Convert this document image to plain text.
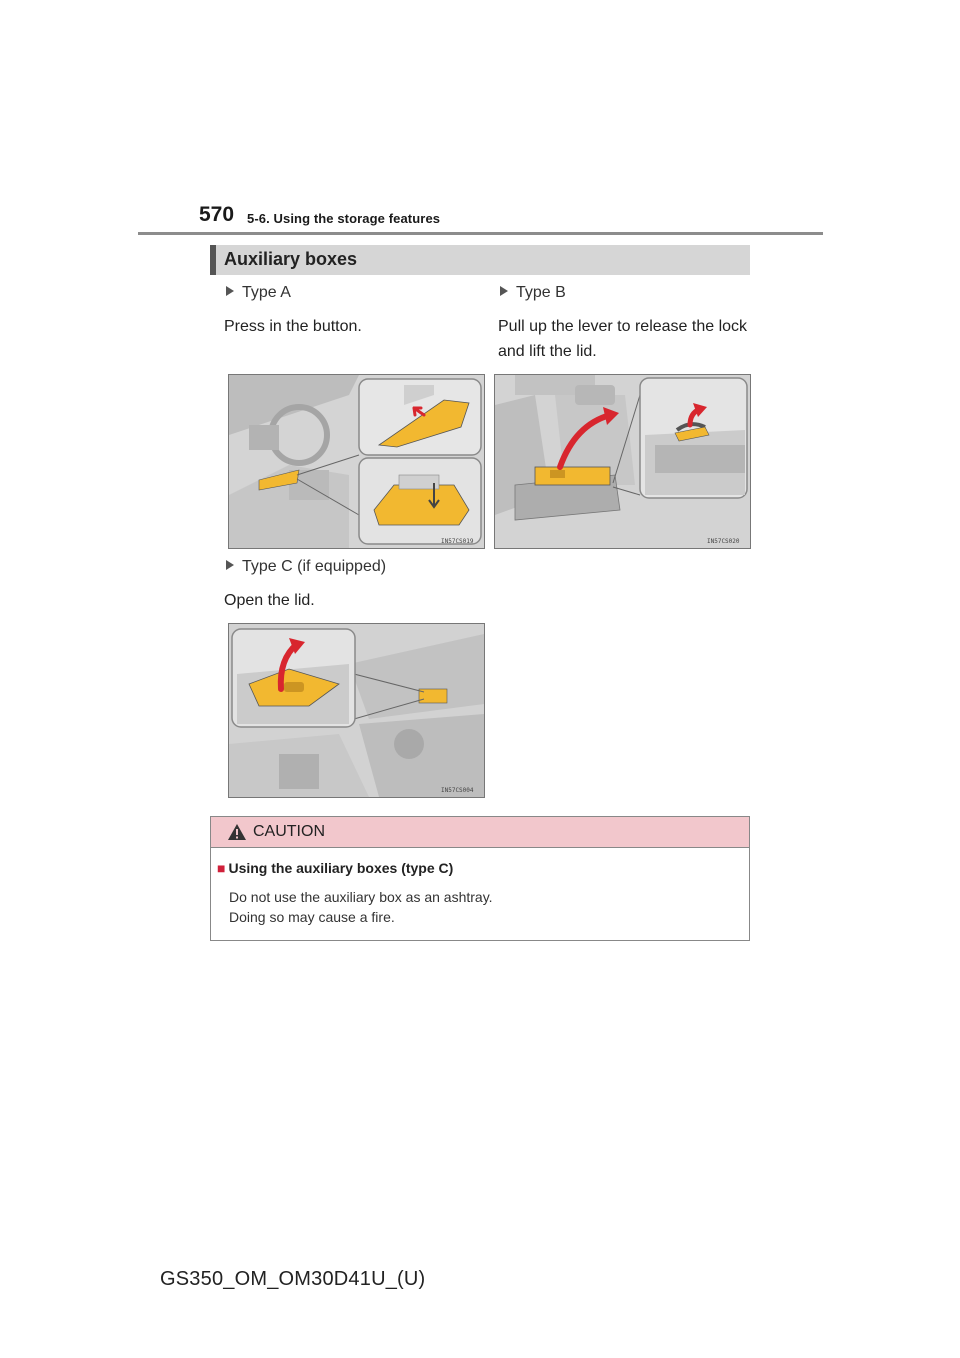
570 5-6. Using the storage features
Auxiliary boxes
Type A
Press in the button.
Type B
Pull up the lever to release the lock
and lift the lid.
IN57CS019	IN57CS020
Type C (if equipped)
Open the lid.
IN57CS004
CAUTION
■ Using the auxiliary boxes (type C)
Do not use the auxiliary box as an ashtray.
Doing so may cause a fire.
GS350_OM_OM30D41U_(U)
